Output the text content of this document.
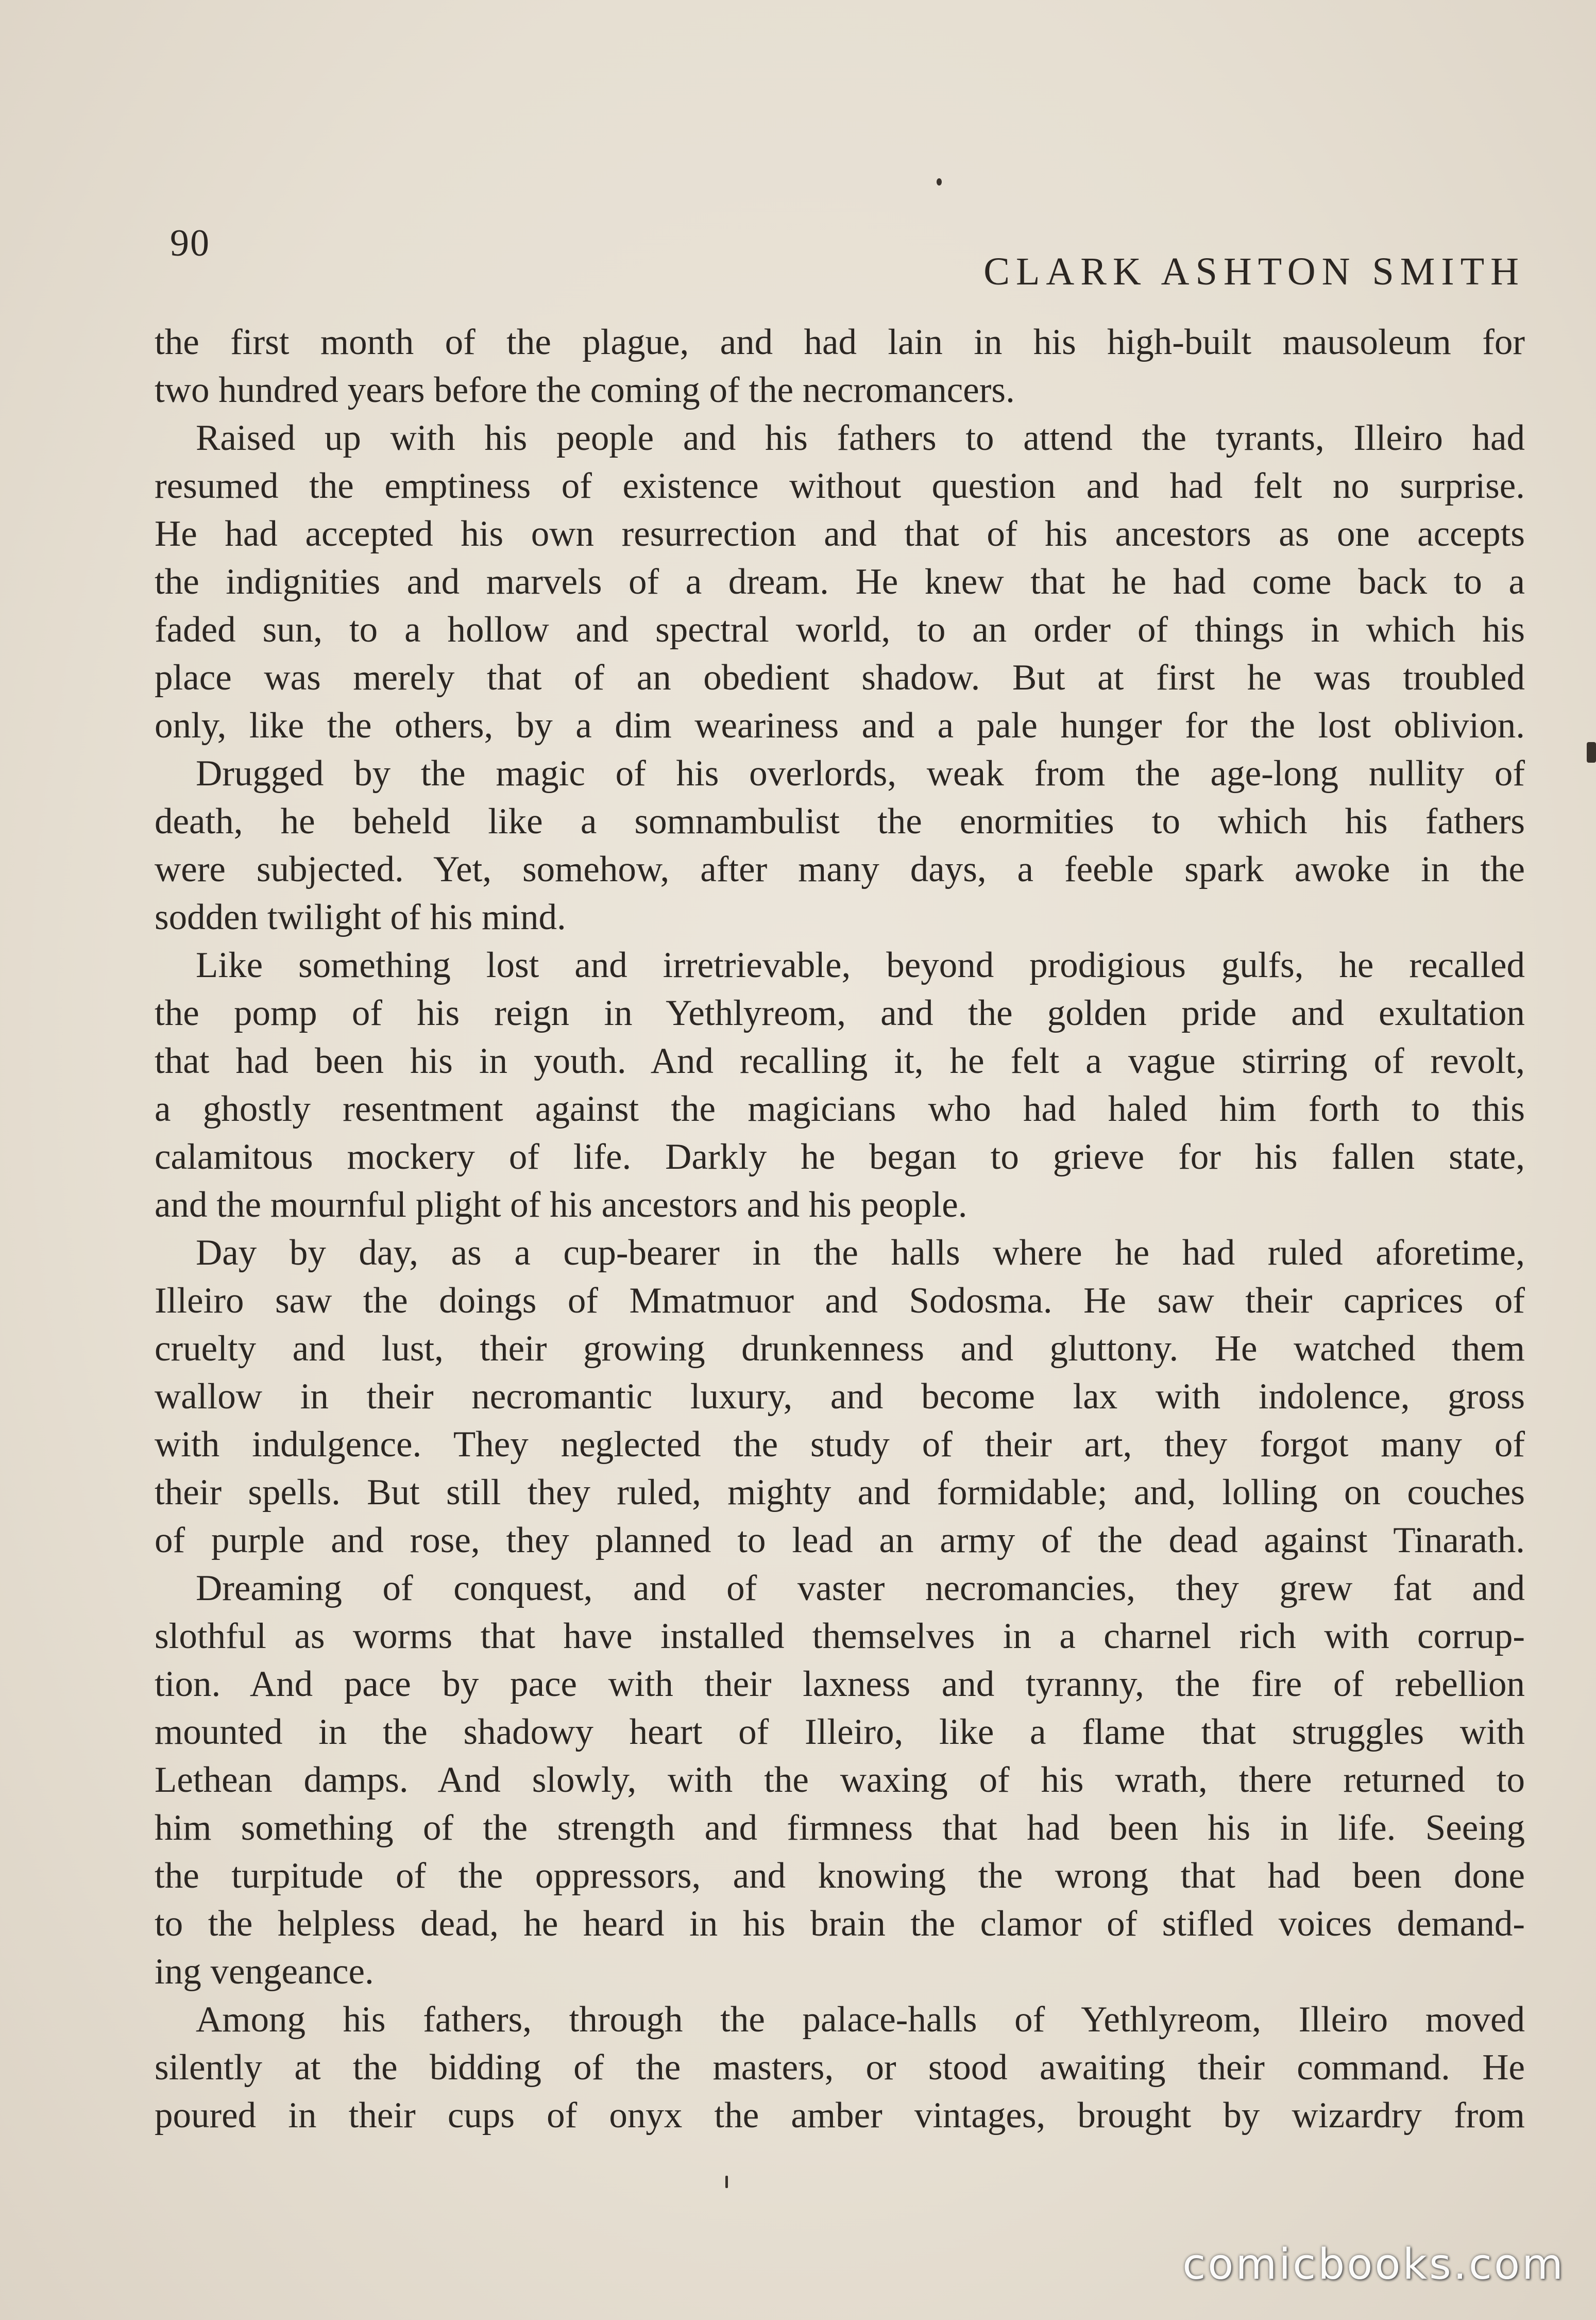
90
CLARK ASHTON SMITH
the first month of the plague, and had lain in his high-built mausoleum for
two hundred years before the coming of the necromancers.
Raised up with his people and his fathers to attend the tyrants, Illeiro had
resumed the emptiness of existence without question and had felt no surprise.
He had accepted his own resurrection and that of his ancestors as one accepts
the indignities and marvels of a dream. He knew that he had come back to a
faded sun, to a hollow and spectral world, to an order of things in which his
place was merely that of an obedient shadow. But at first he was troubled
only, like the others, by a dim weariness and a pale hunger for the lost oblivion.
Drugged by the magic of his overlords, weak from the age-long nullity of
death, he beheld like a somnambulist the enormities to which his fathers
were subjected. Yet, somehow, after many days, a feeble spark awoke in the
sodden twilight of his mind.
Like something lost and irretrievable, beyond prodigious gulfs, he recalled
the pomp of his reign in Yethlyreom, and the golden pride and exultation
that had been his in youth. And recalling it, he felt a vague stirring of revolt,
a ghostly resentment against the magicians who had haled him forth to this
calamitous mockery of life. Darkly he began to grieve for his fallen state,
and the mournful plight of his ancestors and his people.
Day by day, as a cup-bearer in the halls where he had ruled aforetime,
Illeiro saw the doings of Mmatmuor and Sodosma. He saw their caprices of
cruelty and lust, their growing drunkenness and gluttony. He watched them
wallow in their necromantic luxury, and become lax with indolence, gross
with indulgence. They neglected the study of their art, they forgot many of
their spells. But still they ruled, mighty and formidable; and, lolling on couches
of purple and rose, they planned to lead an army of the dead against Tinarath.
Dreaming of conquest, and of vaster necromancies, they grew fat and
slothful as worms that have installed themselves in a charnel rich with corrup-
tion. And pace by pace with their laxness and tyranny, the fire of rebellion
mounted in the shadowy heart of Illeiro, like a flame that struggles with
Lethean damps. And slowly, with the waxing of his wrath, there returned to
him something of the strength and firmness that had been his in life. Seeing
the turpitude of the oppressors, and knowing the wrong that had been done
to the helpless dead, he heard in his brain the clamor of stifled voices demand-
ing vengeance.
Among his fathers, through the palace-halls of Yethlyreom, Illeiro moved
silently at the bidding of the masters, or stood awaiting their command. He
poured in their cups of onyx the amber vintages, brought by wizardry from
comicbooks.com
